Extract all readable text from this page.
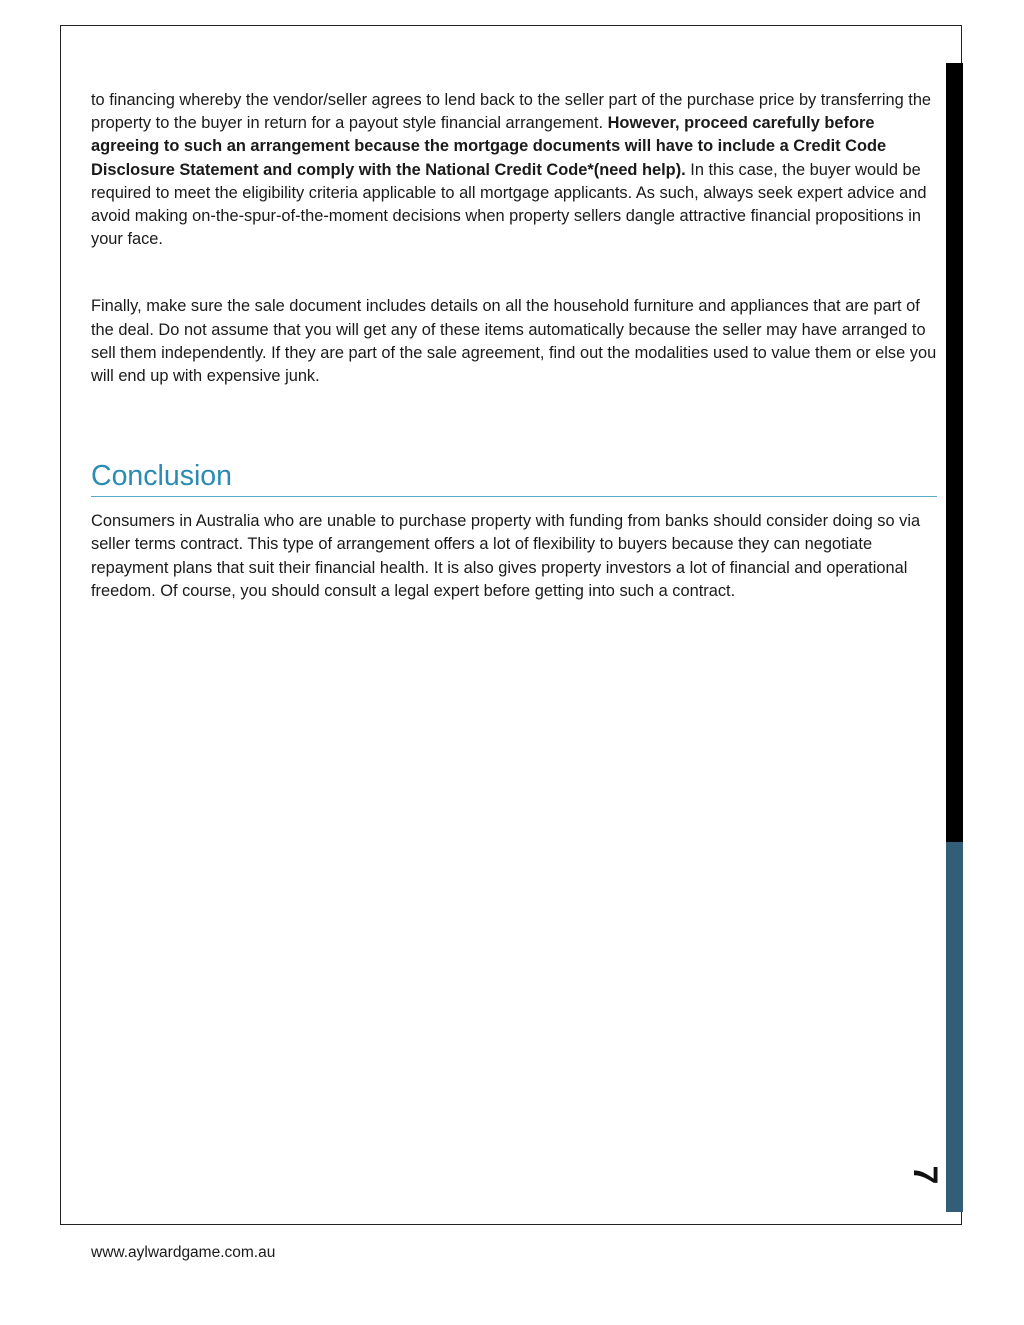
to financing whereby the vendor/seller agrees to lend back to the seller part of the purchase price by transferring the property to the buyer in return for a payout style financial arrangement. However, proceed carefully before agreeing to such an arrangement because the mortgage documents will have to include a Credit Code Disclosure Statement and comply with the National Credit Code*(need help). In this case, the buyer would be required to meet the eligibility criteria applicable to all mortgage applicants. As such, always seek expert advice and avoid making on-the-spur-of-the-moment decisions when property sellers dangle attractive financial propositions in your face.

Finally, make sure the sale document includes details on all the household furniture and appliances that are part of the deal. Do not assume that you will get any of these items automatically because the seller may have arranged to sell them independently. If they are part of the sale agreement, find out the modalities used to value them or else you will end up with expensive junk.

Conclusion

Consumers in Australia who are unable to purchase property with funding from banks should consider doing so via seller terms contract. This type of arrangement offers a lot of flexibility to buyers because they can negotiate repayment plans that suit their financial health. It is also gives property investors a lot of financial and operational freedom. Of course, you should consult a legal expert before getting into such a contract.

7
www.aylwardgame.com.au
